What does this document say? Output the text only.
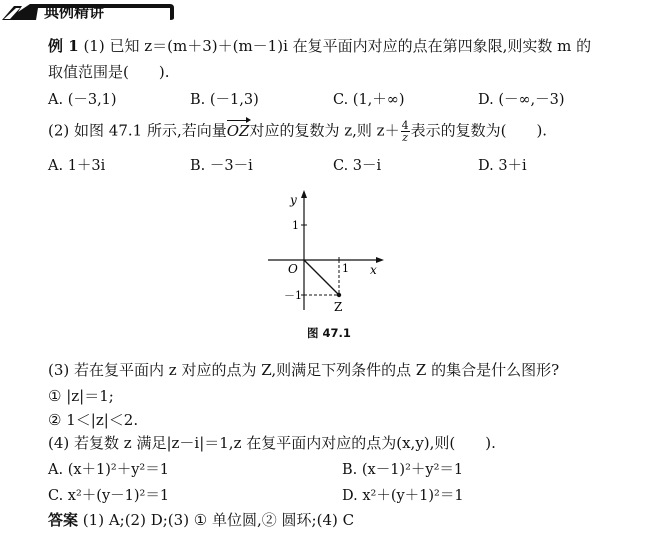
典例精讲
例 1 (1) 已知 z＝(m＋3)＋(m－1)i 在复平面内对应的点在第四象限,则实数 m 的
取值范围是(　　).
A. (－3,1)	B. (－1,3)	C. (1,＋∞)	D. (－∞,－3)
(2) 如图 47.1 所示,若向量OZ对应的复数为 z,则 $z+ \frac{4}{z}$ 表示的复数为(　　).
A. 1＋3i	B. －3－i	C. 3－i	D. 3＋i
y
x
O
1
－1
1
Z
图 47.1
(3) 若在复平面内 z 对应的点为 Z,则满足下列条件的点 Z 的集合是什么图形?
① |z|＝1;
② 1＜|z|＜2.
(4) 若复数 z 满足|z－i|＝1,z 在复平面内对应的点为(x,y),则(　　).
A. (x＋1)²＋y²＝1	B. (x－1)²＋y²＝1
C. x²＋(y－1)²＝1	D. x²＋(y＋1)²＝1
答案 (1) A;(2) D;(3) ① 单位圆,② 圆环;(4) C
